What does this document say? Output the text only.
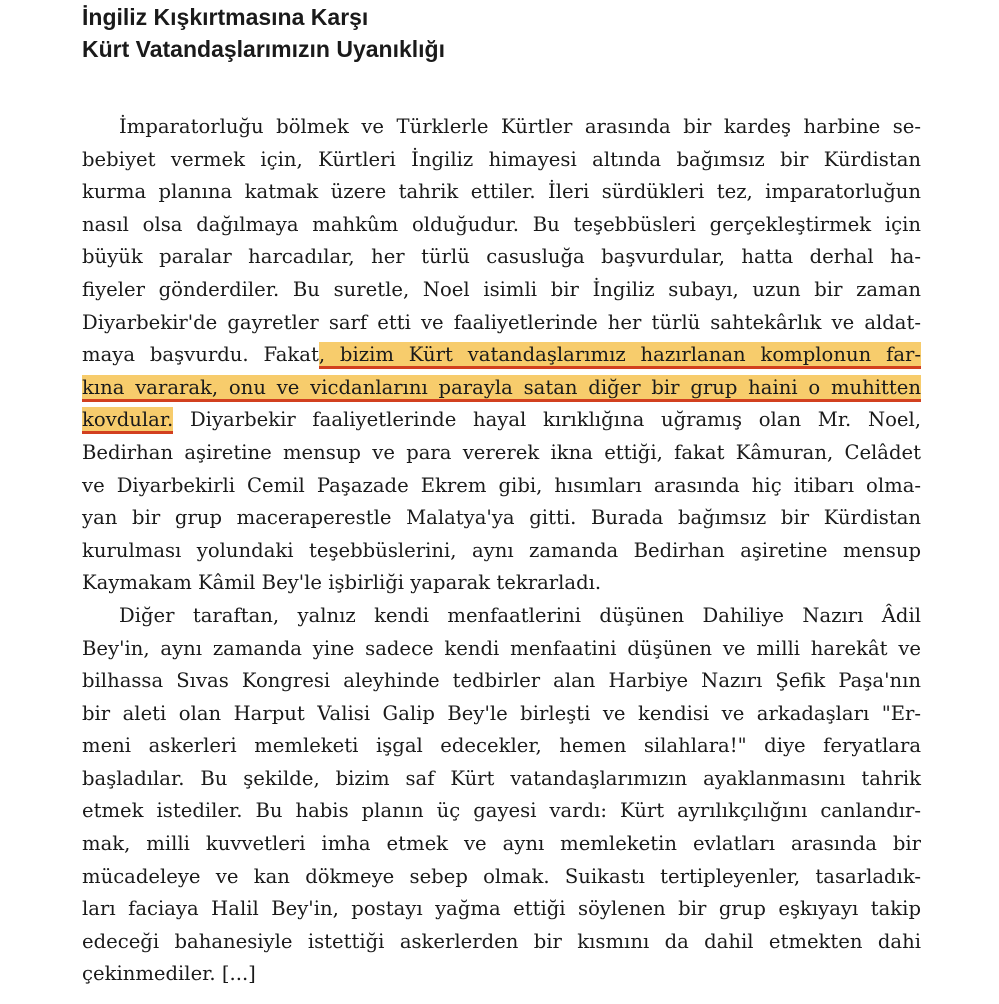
İngiliz Kışkırtmasına Karşı
Kürt Vatandaşlarımızın Uyanıklığı
İmparatorluğu bölmek ve Türklerle Kürtler arasında bir kardeş harbine se-
bebiyet vermek için, Kürtleri İngiliz himayesi altında bağımsız bir Kürdistan
kurma planına katmak üzere tahrik ettiler. İleri sürdükleri tez, imparatorluğun
nasıl olsa dağılmaya mahkûm olduğudur. Bu teşebbüsleri gerçekleştirmek için
büyük paralar harcadılar, her türlü casusluğa başvurdular, hatta derhal ha-
fiyeler gönderdiler. Bu suretle, Noel isimli bir İngiliz subayı, uzun bir zaman
Diyarbekir'de gayretler sarf etti ve faaliyetlerinde her türlü sahtekârlık ve aldat-
maya başvurdu. Fakat, bizim Kürt vatandaşlarımız hazırlanan komplonun far-
kına vararak, onu ve vicdanlarını parayla satan diğer bir grup haini o muhitten
kovdular. Diyarbekir faaliyetlerinde hayal kırıklığına uğramış olan Mr. Noel,
Bedirhan aşiretine mensup ve para vererek ikna ettiği, fakat Kâmuran, Celâdet
ve Diyarbekirli Cemil Paşazade Ekrem gibi, hısımları arasında hiç itibarı olma-
yan bir grup maceraperestle Malatya'ya gitti. Burada bağımsız bir Kürdistan
kurulması yolundaki teşebbüslerini, aynı zamanda Bedirhan aşiretine mensup
Kaymakam Kâmil Bey'le işbirliği yaparak tekrarladı.
Diğer taraftan, yalnız kendi menfaatlerini düşünen Dahiliye Nazırı Âdil
Bey'in, aynı zamanda yine sadece kendi menfaatini düşünen ve milli harekât ve
bilhassa Sıvas Kongresi aleyhinde tedbirler alan Harbiye Nazırı Şefik Paşa'nın
bir aleti olan Harput Valisi Galip Bey'le birleşti ve kendisi ve arkadaşları "Er-
meni askerleri memleketi işgal edecekler, hemen silahlara!" diye feryatlara
başladılar. Bu şekilde, bizim saf Kürt vatandaşlarımızın ayaklanmasını tahrik
etmek istediler. Bu habis planın üç gayesi vardı: Kürt ayrılıkçılığını canlandır-
mak, milli kuvvetleri imha etmek ve aynı memleketin evlatları arasında bir
mücadeleye ve kan dökmeye sebep olmak. Suikastı tertipleyenler, tasarladık-
ları faciaya Halil Bey'in, postayı yağma ettiği söylenen bir grup eşkıyayı takip
edeceği bahanesiyle istettiği askerlerden bir kısmını da dahil etmekten dahi
çekinmediler. [...]
